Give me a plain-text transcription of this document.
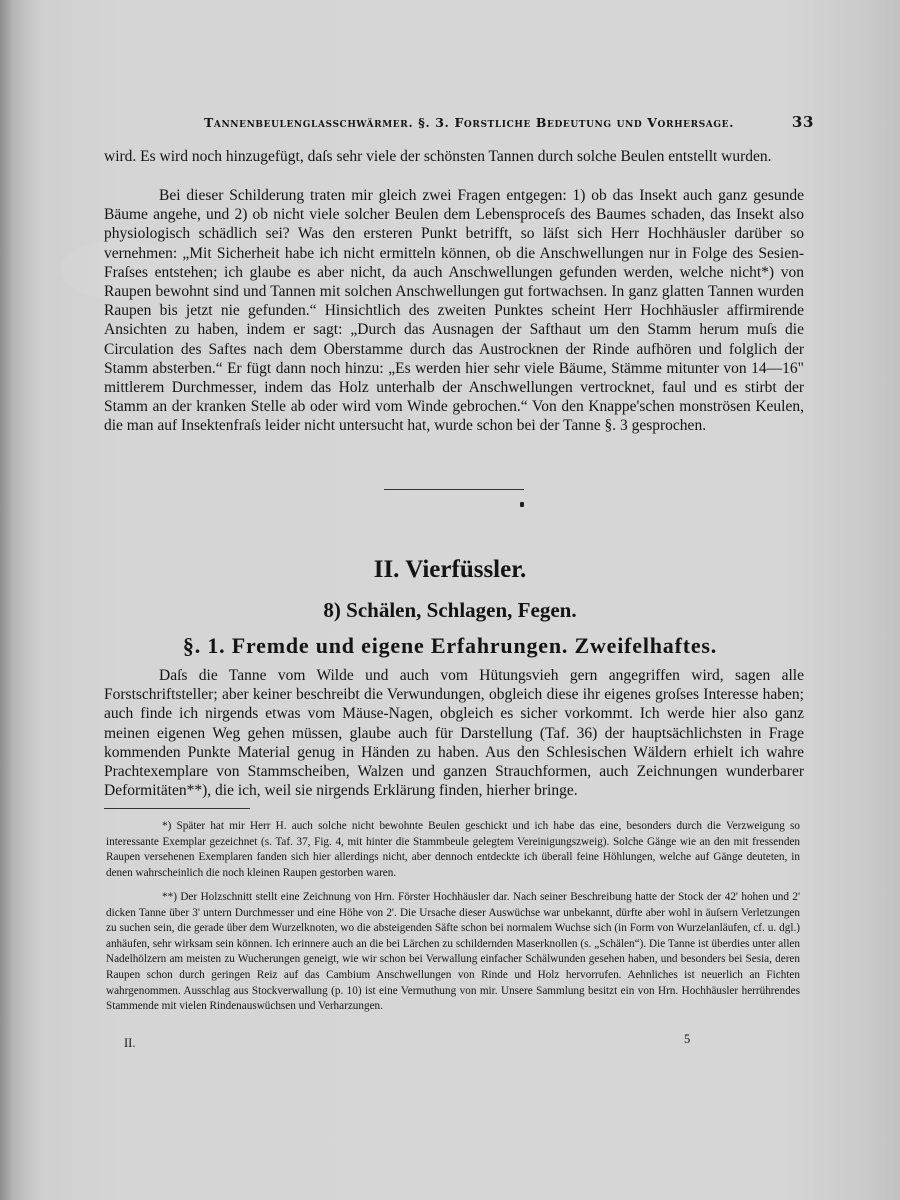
Tannenbeulenglasschwärmer. §. 3. Forstliche Bedeutung und Vorhersage.	33

wird. Es wird noch hinzugefügt, daſs sehr viele der schönsten Tannen durch solche Beulen entstellt wurden.

Bei dieser Schilderung traten mir gleich zwei Fragen entgegen: 1) ob das Insekt auch ganz gesunde Bäume angehe, und 2) ob nicht viele solcher Beulen dem Lebensproceſs des Baumes schaden, das Insekt also physiologisch schädlich sei? Was den ersteren Punkt betrifft, so läſst sich Herr Hochhäusler darüber so vernehmen: „Mit Sicherheit habe ich nicht ermitteln können, ob die Anschwellungen nur in Folge des Sesien-Fraſses entstehen; ich glaube es aber nicht, da auch Anschwellungen gefunden werden, welche nicht*) von Raupen bewohnt sind und Tannen mit solchen Anschwellungen gut fortwachsen. In ganz glatten Tannen wurden Raupen bis jetzt nie gefunden.“ Hinsichtlich des zweiten Punktes scheint Herr Hochhäusler affirmirende Ansichten zu haben, indem er sagt: „Durch das Ausnagen der Safthaut um den Stamm herum muſs die Circulation des Saftes nach dem Oberstamme durch das Austrocknen der Rinde aufhören und folglich der Stamm absterben.“ Er fügt dann noch hinzu: „Es werden hier sehr viele Bäume, Stämme mitunter von 14—16" mittlerem Durchmesser, indem das Holz unterhalb der Anschwellungen vertrocknet, faul und es stirbt der Stamm an der kranken Stelle ab oder wird vom Winde gebrochen.“ Von den Knappe'schen monströsen Keulen, die man auf Insektenfraſs leider nicht untersucht hat, wurde schon bei der Tanne §. 3 gesprochen.

II. Vierfüssler.
8) Schälen, Schlagen, Fegen.
§. 1. Fremde und eigene Erfahrungen. Zweifelhaftes.

Daſs die Tanne vom Wilde und auch vom Hütungsvieh gern angegriffen wird, sagen alle Forstschriftsteller; aber keiner beschreibt die Verwundungen, obgleich diese ihr eigenes groſses Interesse haben; auch finde ich nirgends etwas vom Mäuse-Nagen, obgleich es sicher vorkommt. Ich werde hier also ganz meinen eigenen Weg gehen müssen, glaube auch für Darstellung (Taf. 36) der hauptsächlichsten in Frage kommenden Punkte Material genug in Händen zu haben. Aus den Schlesischen Wäldern erhielt ich wahre Prachtexemplare von Stammscheiben, Walzen und ganzen Strauchformen, auch Zeichnungen wunderbarer Deformitäten**), die ich, weil sie nirgends Erklärung finden, hierher bringe.

*) Später hat mir Herr H. auch solche nicht bewohnte Beulen geschickt und ich habe das eine, besonders durch die Verzweigung so interessante Exemplar gezeichnet (s. Taf. 37, Fig. 4, mit hinter die Stammbeule gelegtem Vereinigungszweig). Solche Gänge wie an den mit fressenden Raupen versehenen Exemplaren fanden sich hier allerdings nicht, aber dennoch entdeckte ich überall feine Höhlungen, welche auf Gänge deuteten, in denen wahrscheinlich die noch kleinen Raupen gestorben waren.

**) Der Holzschnitt stellt eine Zeichnung von Hrn. Förster Hochhäusler dar. Nach seiner Beschreibung hatte der Stock der 42' hohen und 2' dicken Tanne über 3' untern Durchmesser und eine Höhe von 2'. Die Ursache dieser Auswüchse war unbekannt, dürfte aber wohl in äuſsern Verletzungen zu suchen sein, die gerade über dem Wurzelknoten, wo die absteigenden Säfte schon bei normalem Wuchse sich (in Form von Wurzelanläufen, cf. u. dgl.) anhäufen, sehr wirksam sein können. Ich erinnere auch an die bei Lärchen zu schildernden Maserknollen (s. „Schälen“). Die Tanne ist überdies unter allen Nadelhölzern am meisten zu Wucherungen geneigt, wie wir schon bei Verwallung einfacher Schälwunden gesehen haben, und besonders bei Sesia, deren Raupen schon durch geringen Reiz auf das Cambium Anschwellungen von Rinde und Holz hervorrufen. Aehnliches ist neuerlich an Fichten wahrgenommen. Ausschlag aus Stockverwallung (p. 10) ist eine Vermuthung von mir. Unsere Sammlung besitzt ein von Hrn. Hochhäusler herrührendes Stammende mit vielen Rindenauswüchsen und Verharzungen.

II.	5
